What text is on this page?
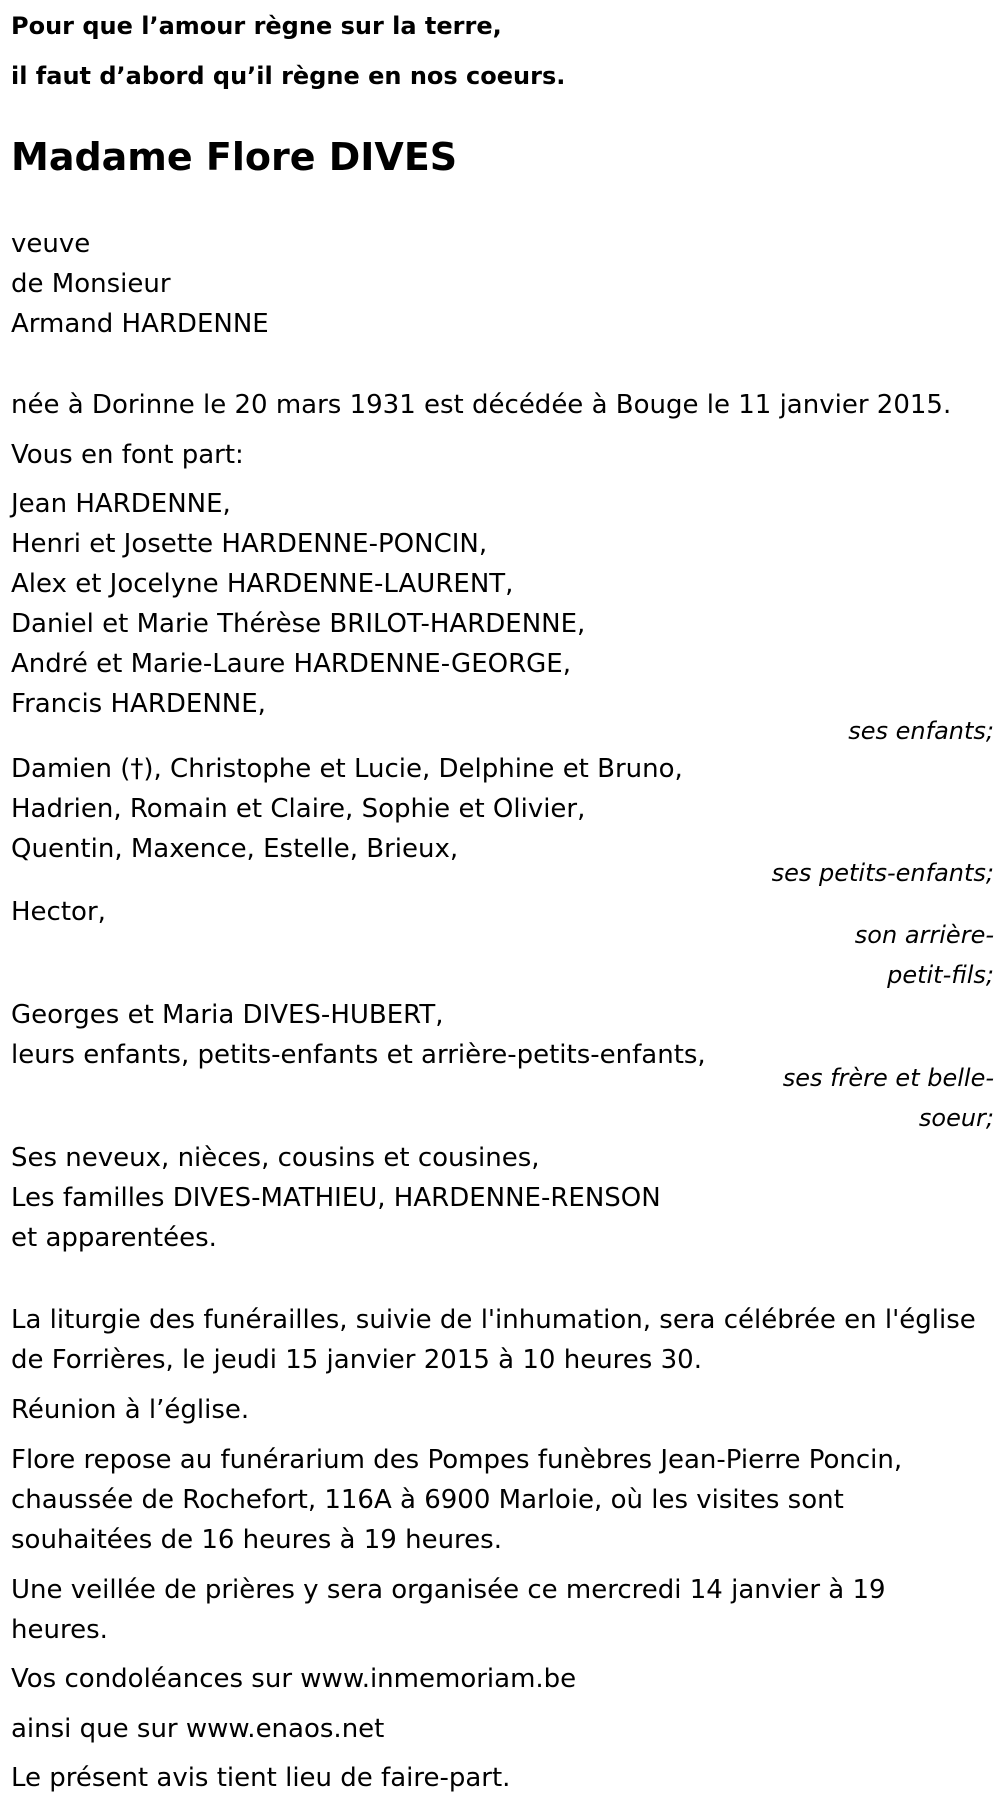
Pour que l’amour règne sur la terre,
il faut d’abord qu’il règne en nos coeurs.
Madame Flore DIVES
veuve
de Monsieur
Armand HARDENNE
née à Dorinne le 20 mars 1931 est décédée à Bouge le 11 janvier 2015.
Vous en font part:
Jean HARDENNE,
Henri et Josette HARDENNE-PONCIN,
Alex et Jocelyne HARDENNE-LAURENT,
Daniel et Marie Thérèse BRILOT-HARDENNE,
André et Marie-Laure HARDENNE-GEORGE,
Francis HARDENNE,
ses enfants;
Damien (†), Christophe et Lucie, Delphine et Bruno,
Hadrien, Romain et Claire, Sophie et Olivier,
Quentin, Maxence, Estelle, Brieux,
ses petits-enfants;
Hector,
son arrière-
petit-fils;
Georges et Maria DIVES-HUBERT,
leurs enfants, petits-enfants et arrière-petits-enfants,
ses frère et belle-
soeur;
Ses neveux, nièces, cousins et cousines,
Les familles DIVES-MATHIEU, HARDENNE-RENSON
et apparentées.
La liturgie des funérailles, suivie de l'inhumation, sera célébrée en l'église
de Forrières, le jeudi 15 janvier 2015 à 10 heures 30.
Réunion à l’église.
Flore repose au funérarium des Pompes funèbres Jean-Pierre Poncin,
chaussée de Rochefort, 116A à 6900 Marloie, où les visites sont
souhaitées de 16 heures à 19 heures.
Une veillée de prières y sera organisée ce mercredi 14 janvier à 19
heures.
Vos condoléances sur www.inmemoriam.be
ainsi que sur www.enaos.net
Le présent avis tient lieu de faire-part.
